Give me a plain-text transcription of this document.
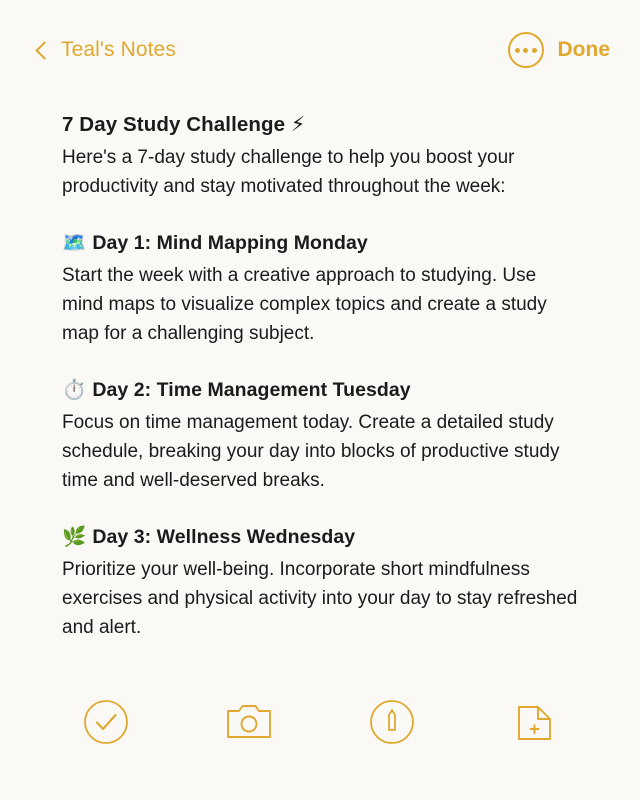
Teal's Notes	Done
7 Day Study Challenge ⚡
Here's a 7-day study challenge to help you boost your productivity and stay motivated throughout the week:
🗺️ Day 1: Mind Mapping Monday
Start the week with a creative approach to studying. Use mind maps to visualize complex topics and create a study map for a challenging subject.
⏱️ Day 2: Time Management Tuesday
Focus on time management today. Create a detailed study schedule, breaking your day into blocks of productive study time and well-deserved breaks.
🌿 Day 3: Wellness Wednesday
Prioritize your well-being. Incorporate short mindfulness exercises and physical activity into your day to stay refreshed and alert.
